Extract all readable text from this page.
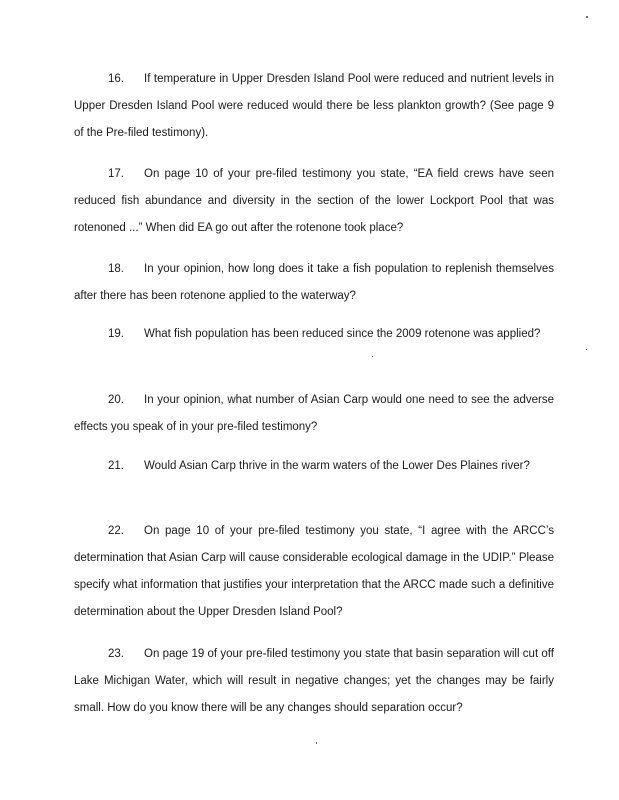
16. If temperature in Upper Dresden Island Pool were reduced and nutrient levels in Upper Dresden Island Pool were reduced would there be less plankton growth? (See page 9 of the Pre-filed testimony).

17. On page 10 of your pre-filed testimony you state, “EA field crews have seen reduced fish abundance and diversity in the section of the lower Lockport Pool that was rotenoned ...” When did EA go out after the rotenone took place?

18. In your opinion, how long does it take a fish population to replenish themselves after there has been rotenone applied to the waterway?

19. What fish population has been reduced since the 2009 rotenone was applied?

20. In your opinion, what number of Asian Carp would one need to see the adverse effects you speak of in your pre-filed testimony?

21. Would Asian Carp thrive in the warm waters of the Lower Des Plaines river?

22. On page 10 of your pre-filed testimony you state, “I agree with the ARCC’s determination that Asian Carp will cause considerable ecological damage in the UDIP.” Please specify what information that justifies your interpretation that the ARCC made such a definitive determination about the Upper Dresden Island Pool?

23. On page 19 of your pre-filed testimony you state that basin separation will cut off Lake Michigan Water, which will result in negative changes; yet the changes may be fairly small. How do you know there will be any changes should separation occur?
